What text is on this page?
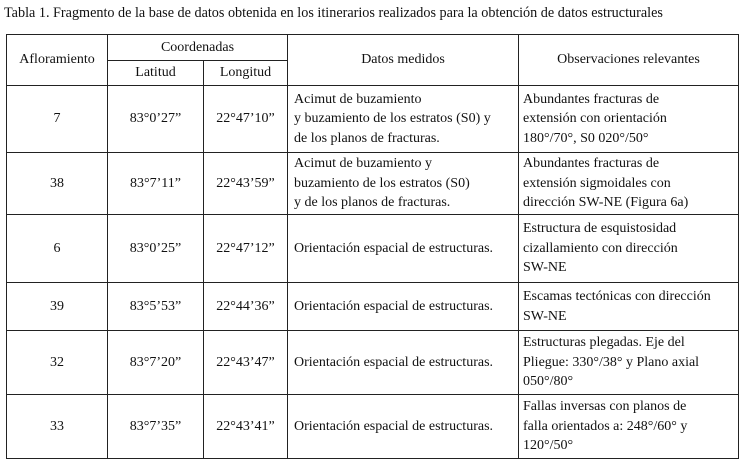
Tabla 1. Fragmento de la base de datos obtenida en los itinerarios realizados para la obtención de datos estructurales
Afloramiento	Coordenadas		Datos medidos	Observaciones relevantes
	Latitud	Longitud		
7	83°0’27”	22°47’10”	Acimut de buzamiento
y buzamiento de los estratos (S0) y
de los planos de fracturas.	Abundantes fracturas de
extensión con orientación
180°/70°, S0 020°/50°

38	83°7’11”	22°43’59”	Acimut de buzamiento y
buzamiento de los estratos (S0)
y de los planos de fracturas.	Abundantes fracturas de
extensión sigmoidales con
dirección SW-NE (Figura 6a)

6	83°0’25”	22°47’12”	Orientación espacial de estructuras.	Estructura de esquistosidad
cizallamiento con dirección
SW-NE

39	83°5’53”	22°44’36”	Orientación espacial de estructuras.	Escamas tectónicas con dirección
SW-NE

32	83°7’20”	22°43’47”	Orientación espacial de estructuras.	Estructuras plegadas. Eje del
Pliegue: 330°/38° y Plano axial
050°/80°

33	83°7’35”	22°43’41”	Orientación espacial de estructuras.	Fallas inversas con planos de
falla orientados a: 248°/60° y
120°/50°
